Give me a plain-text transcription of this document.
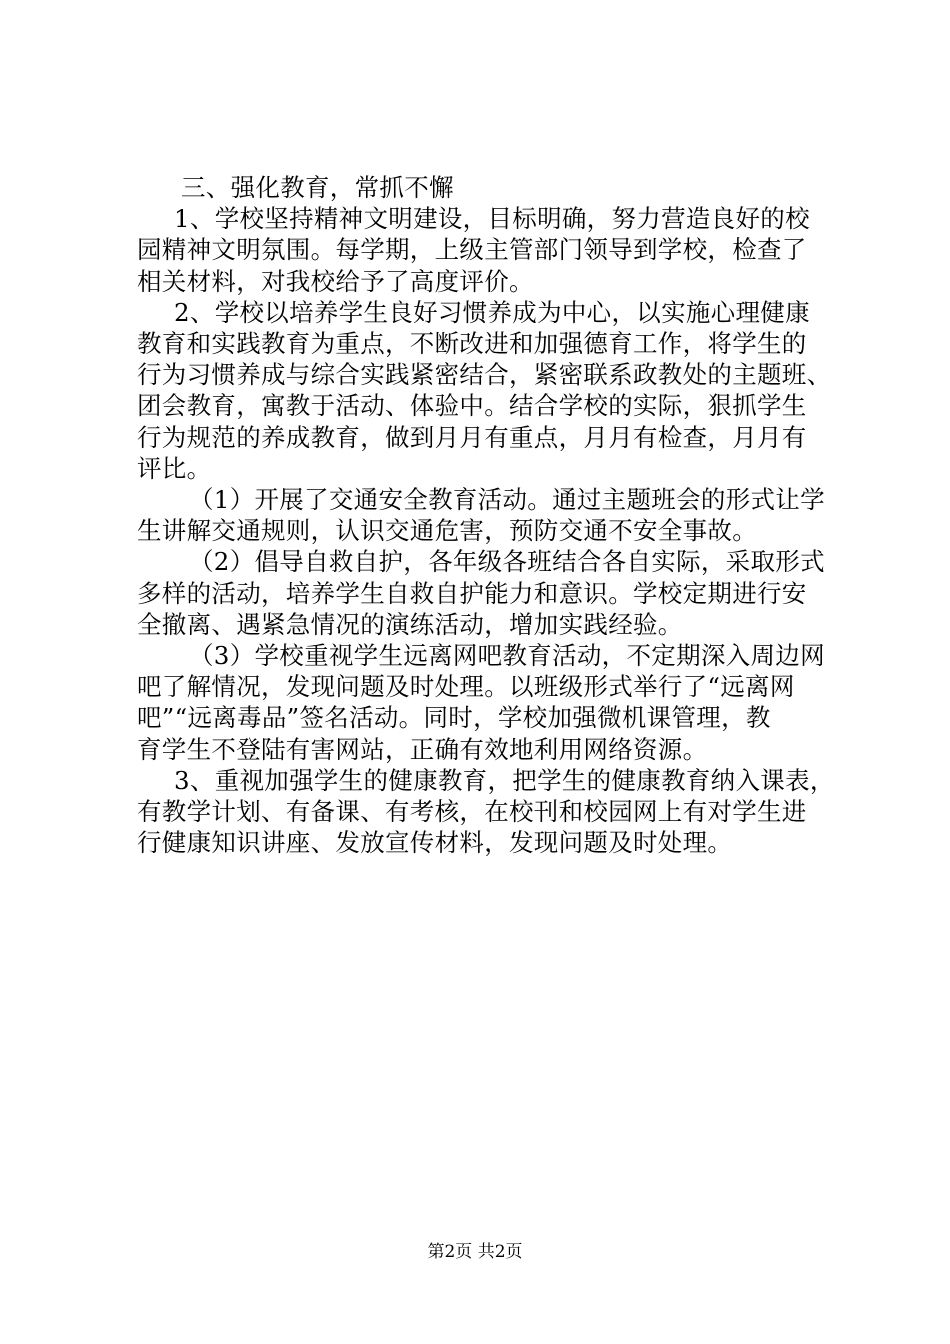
三、强化教育，常抓不懈

1、学校坚持精神文明建设，目标明确，努力营造良好的校
园精神文明氛围。每学期，上级主管部门领导到学校，检查了
相关材料，对我校给予了高度评价。

2、学校以培养学生良好习惯养成为中心，以实施心理健康
教育和实践教育为重点，不断改进和加强德育工作，将学生的
行为习惯养成与综合实践紧密结合，紧密联系政教处的主题班、
团会教育，寓教于活动、体验中。结合学校的实际，狠抓学生
行为规范的养成教育，做到月月有重点，月月有检查，月月有
评比。

（1）开展了交通安全教育活动。通过主题班会的形式让学
生讲解交通规则，认识交通危害，预防交通不安全事故。

（2）倡导自救自护，各年级各班结合各自实际，采取形式
多样的活动，培养学生自救自护能力和意识。学校定期进行安
全撤离、遇紧急情况的演练活动，增加实践经验。

（3）学校重视学生远离网吧教育活动，不定期深入周边网
吧了解情况，发现问题及时处理。以班级形式举行了“远离网
吧”“远离毒品”签名活动。同时，学校加强微机课管理，教
育学生不登陆有害网站，正确有效地利用网络资源。

3、重视加强学生的健康教育，把学生的健康教育纳入课表，
有教学计划、有备课、有考核，在校刊和校园网上有对学生进
行健康知识讲座、发放宣传材料，发现问题及时处理。

第2页 共2页
